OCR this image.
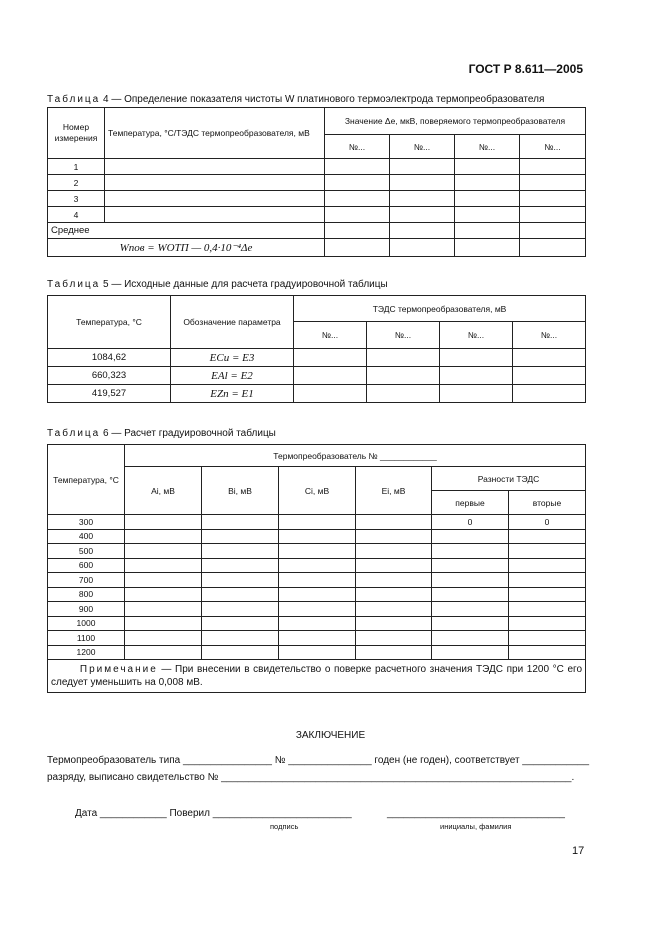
ГОСТ Р 8.611—2005
Таблица 4 — Определение показателя чистоты W платинового термоэлектрода термопреобразователя
Номер измерения	Температура, °С/ТЭДС термопреобразователя, мВ	Значение Δe, мкВ, поверяемого термопреобразователя			
		№...	№...	№...	№...
1					
2					
3					
4					
Среднее					
Wпов = WОТП — 0,4·10⁻⁴Δe					
Таблица 5 — Исходные данные для расчета градуировочной таблицы
Температура, °С	Обозначение параметра	ТЭДС термопреобразователя, мВ			
		№...	№...	№...	№...
1084,62	ECu = E3				
660,323	EAl = E2				
419,527	EZn = E1				
Таблица 6 — Расчет градуировочной таблицы
Температура, °С	Термопреобразователь № ____________					
	Ai, мВ	Bi, мВ	Ci, мВ	Ei, мВ	Разности ТЭДС	
					первые	вторые
300					0	0
400						
500						
600						
700						
800						
900						
1000						
1100						
1200						
Примечание — При внесении в свидетельство о поверке расчетного значения ТЭДС при 1200 °С его следует уменьшить на 0,008 мВ.						
ЗАКЛЮЧЕНИЕ
Термопреобразователь типа ________________ № _______________ годен (не годен), соответствует ____________
разряду, выписано свидетельство № _______________________________________________________________.
Дата ____________ Поверил _________________________	________________________________
подпись	инициалы, фамилия
17
